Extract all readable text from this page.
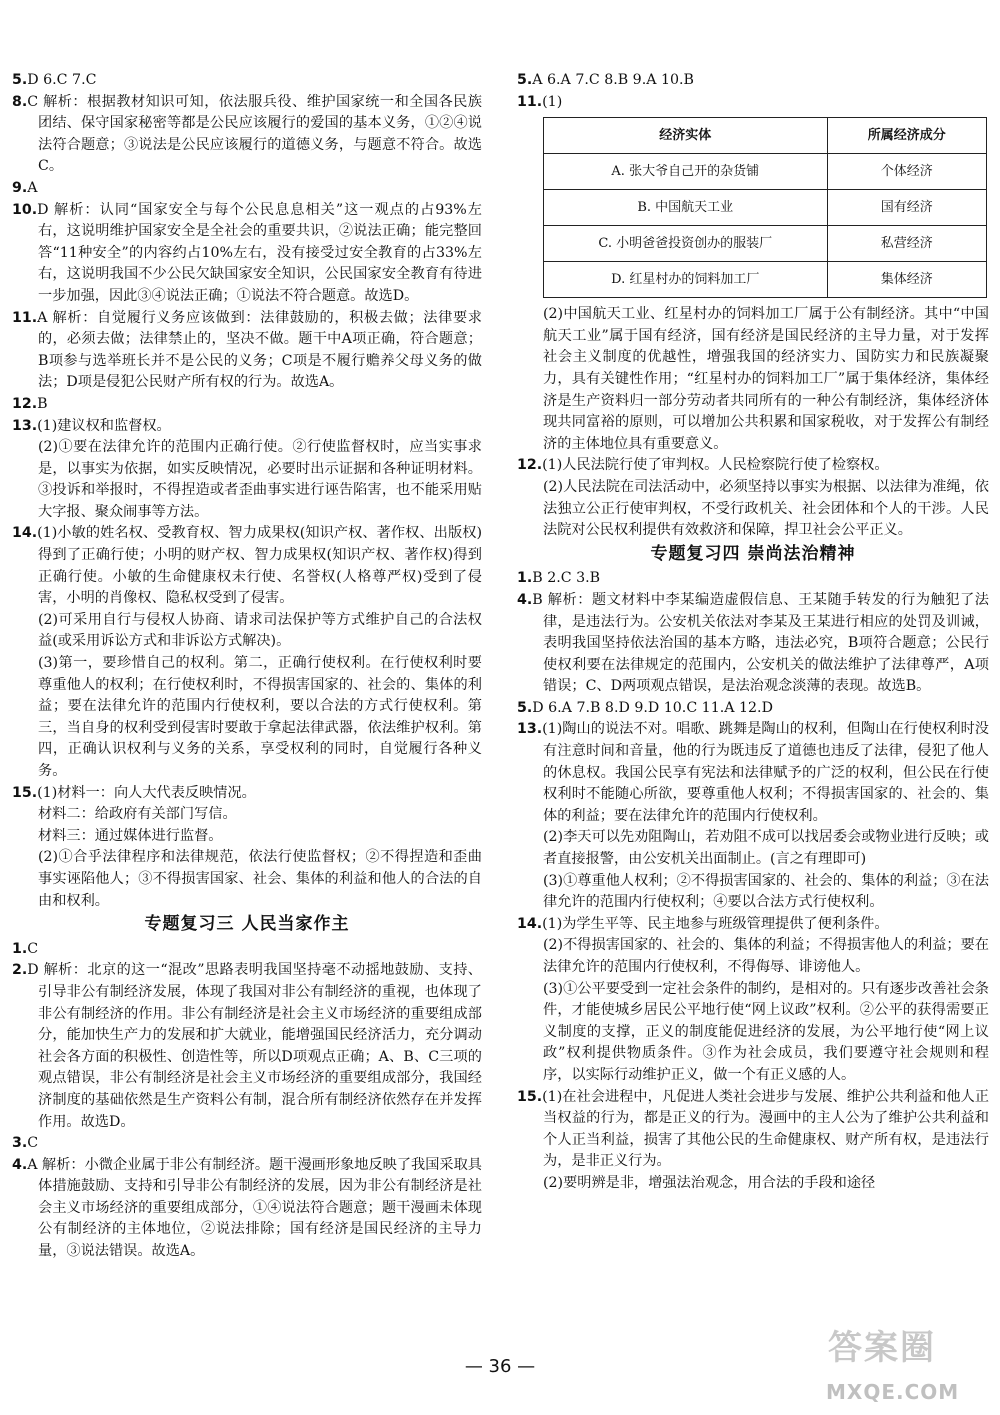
5.D 6.C 7.C
8.C 解析：根据教材知识可知，依法服兵役、维护国家统一和全国各民族团结、保守国家秘密等都是公民应该履行的爱国的基本义务，①②④说法符合题意；③说法是公民应该履行的道德义务，与题意不符合。故选C。
9.A
10.D 解析：认同“国家安全与每个公民息息相关”这一观点的占93%左右，这说明维护国家安全是全社会的重要共识，②说法正确；能完整回答“11种安全”的内容约占10%左右，没有接受过安全教育的占33%左右，这说明我国不少公民欠缺国家安全知识，公民国家安全教育有待进一步加强，因此③④说法正确；①说法不符合题意。故选D。
11.A 解析：自觉履行义务应该做到：法律鼓励的，积极去做；法律要求的，必须去做；法律禁止的，坚决不做。题干中A项正确，符合题意；B项参与选举班长并不是公民的义务；C项是不履行赡养父母义务的做法；D项是侵犯公民财产所有权的行为。故选A。
12.B
13.(1)建议权和监督权。
(2)①要在法律允许的范围内正确行使。②行使监督权时，应当实事求是，以事实为依据，如实反映情况，必要时出示证据和各种证明材料。③投诉和举报时，不得捏造或者歪曲事实进行诬告陷害，也不能采用贴大字报、聚众闹事等方法。
14.(1)小敏的姓名权、受教育权、智力成果权(知识产权、著作权、出版权)得到了正确行使；小明的财产权、智力成果权(知识产权、著作权)得到正确行使。小敏的生命健康权未行使、名誉权(人格尊严权)受到了侵害，小明的肖像权、隐私权受到了侵害。
(2)可采用自行与侵权人协商、请求司法保护等方式维护自己的合法权益(或采用诉讼方式和非诉讼方式解决)。
(3)第一，要珍惜自己的权利。第二，正确行使权利。在行使权利时要尊重他人的权利；在行使权利时，不得损害国家的、社会的、集体的利益；要在法律允许的范围内行使权利，要以合法的方式行使权利。第三，当自身的权利受到侵害时要敢于拿起法律武器，依法维护权利。第四，正确认识权利与义务的关系，享受权利的同时，自觉履行各种义务。
15.(1)材料一：向人大代表反映情况。
材料二：给政府有关部门写信。
材料三：通过媒体进行监督。
(2)①合乎法律程序和法律规范，依法行使监督权；②不得捏造和歪曲事实诬陷他人；③不得损害国家、社会、集体的利益和他人的合法的自由和权利。
专题复习三 人民当家作主
1.C
2.D 解析：北京的这一“混改”思路表明我国坚持毫不动摇地鼓励、支持、引导非公有制经济发展，体现了我国对非公有制经济的重视，也体现了非公有制经济的作用。非公有制经济是社会主义市场经济的重要组成部分，能加快生产力的发展和扩大就业，能增强国民经济活力，充分调动社会各方面的积极性、创造性等，所以D项观点正确；A、B、C三项的观点错误，非公有制经济是社会主义市场经济的重要组成部分，我国经济制度的基础依然是生产资料公有制，混合所有制经济依然存在并发挥作用。故选D。
3.C
4.A 解析：小微企业属于非公有制经济。题干漫画形象地反映了我国采取具体措施鼓励、支持和引导非公有制经济的发展，因为非公有制经济是社会主义市场经济的重要组成部分，①④说法符合题意；题干漫画未体现公有制经济的主体地位，②说法排除；国有经济是国民经济的主导力量，③说法错误。故选A。
5.A 6.A 7.C 8.B 9.A 10.B
11.(1)
经济实体	所属经济成分
A. 张大爷自己开的杂货铺	个体经济
B. 中国航天工业	国有经济
C. 小明爸爸投资创办的服装厂	私营经济
D. 红星村办的饲料加工厂	集体经济
(2)中国航天工业、红星村办的饲料加工厂属于公有制经济。其中“中国航天工业”属于国有经济，国有经济是国民经济的主导力量，对于发挥社会主义制度的优越性，增强我国的经济实力、国防实力和民族凝聚力，具有关键性作用；“红星村办的饲料加工厂”属于集体经济，集体经济是生产资料归一部分劳动者共同所有的一种公有制经济，集体经济体现共同富裕的原则，可以增加公共积累和国家税收，对于发挥公有制经济的主体地位具有重要意义。
12.(1)人民法院行使了审判权。人民检察院行使了检察权。
(2)人民法院在司法活动中，必须坚持以事实为根据、以法律为准绳，依法独立公正行使审判权，不受行政机关、社会团体和个人的干涉。人民法院对公民权利提供有效救济和保障，捍卫社会公平正义。
专题复习四 崇尚法治精神
1.B 2.C 3.B
4.B 解析：题文材料中李某编造虚假信息、王某随手转发的行为触犯了法律，是违法行为。公安机关依法对李某及王某进行相应的处罚及训诫，表明我国坚持依法治国的基本方略，违法必究，B项符合题意；公民行使权利要在法律规定的范围内，公安机关的做法维护了法律尊严，A项错误；C、D两项观点错误，是法治观念淡薄的表现。故选B。
5.D 6.A 7.B 8.D 9.D 10.C 11.A 12.D
13.(1)陶山的说法不对。唱歌、跳舞是陶山的权利，但陶山在行使权利时没有注意时间和音量，他的行为既违反了道德也违反了法律，侵犯了他人的休息权。我国公民享有宪法和法律赋予的广泛的权利，但公民在行使权利时不能随心所欲，要尊重他人权利；不得损害国家的、社会的、集体的利益；要在法律允许的范围内行使权利。
(2)李天可以先劝阻陶山，若劝阻不成可以找居委会或物业进行反映；或者直接报警，由公安机关出面制止。(言之有理即可)
(3)①尊重他人权利；②不得损害国家的、社会的、集体的利益；③在法律允许的范围内行使权利；④要以合法方式行使权利。
14.(1)为学生平等、民主地参与班级管理提供了便利条件。
(2)不得损害国家的、社会的、集体的利益；不得损害他人的利益；要在法律允许的范围内行使权利，不得侮辱、诽谤他人。
(3)①公平要受到一定社会条件的制约，是相对的。只有逐步改善社会条件，才能使城乡居民公平地行使“网上议政”权利。②公平的获得需要正义制度的支撑，正义的制度能促进经济的发展，为公平地行使“网上议政”权利提供物质条件。③作为社会成员，我们要遵守社会规则和程序，以实际行动维护正义，做一个有正义感的人。
15.(1)在社会进程中，凡促进人类社会进步与发展、维护公共利益和他人正当权益的行为，都是正义的行为。漫画中的主人公为了维护公共利益和个人正当利益，损害了其他公民的生命健康权、财产所有权，是违法行为，是非正义行为。
(2)要明辨是非，增强法治观念，用合法的手段和途径
— 36 —	答案圈
MXQE.COM
